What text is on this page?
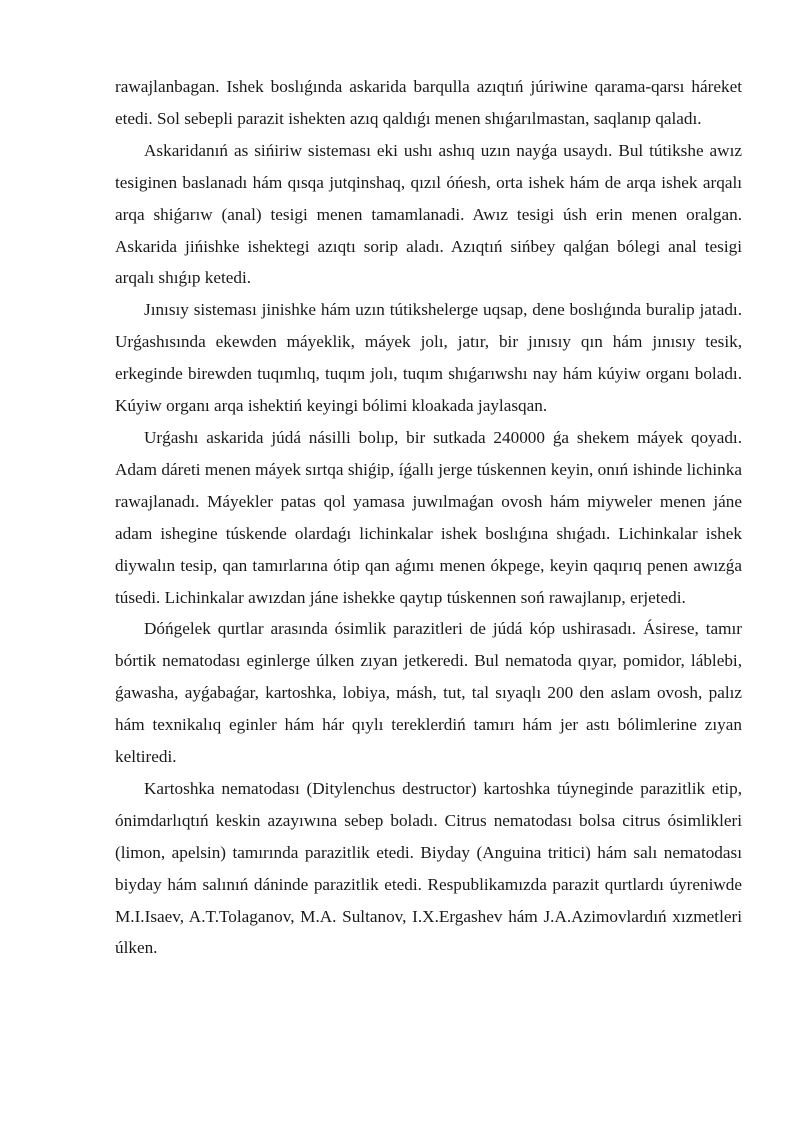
rawajlanbagan. Ishek boslıǵında askarida barqulla azıqtıń júriwine qarama-qarsı háreket etedi. Sol sebepli parazit ishekten azıq qaldıǵı menen shıǵarılmastan, saqlanıp qaladı.

Askaridanıń as sińiriw sisteması eki ushı ashıq uzın nayǵa usaydı. Bul tútikshe awız tesiginen baslanadı hám qısqa jutqinshaq, qızıl óńesh, orta ishek hám de arqa ishek arqalı arqa shiǵarıw (anal) tesigi menen tamamlanadi. Awız tesigi úsh erin menen oralgan. Askarida jińishke ishektegi azıqtı sorip aladı. Azıqtıń sińbey qalǵan bólegi anal tesigi arqalı shıǵıp ketedi.

Jınısıy sisteması jinishke hám uzın tútikshelerge uqsap, dene boslıǵında buralip jatadı. Urǵashısında ekewden máyeklik, máyek jolı, jatır, bir jınısıy qın hám jınısıy tesik, erkeginde birewden tuqımlıq, tuqım jolı, tuqım shıǵarıwshı nay hám kúyiw organı boladı. Kúyiw organı arqa ishektiń keyingi bólimi kloakada jaylasqan.

Urǵashı askarida júdá násilli bolıp, bir sutkada 240000 ǵa shekem máyek qoyadı. Adam dáreti menen máyek sırtqa shiǵip, íǵallı jerge túskennen keyin, onıń ishinde lichinka rawajlanadı. Máyekler patas qol yamasa juwılmaǵan ovosh hám miyweler menen jáne adam ishegine túskende olardaǵı lichinkalar ishek boslıǵına shıǵadı. Lichinkalar ishek diywalın tesip, qan tamırlarına ótip qan aǵımı menen ókpege, keyin qaqırıq penen awızǵa túsedi. Lichinkalar awızdan jáne ishekke qaytıp túskennen soń rawajlanıp, erjetedi.

Dóńgelek qurtlar arasında ósimlik parazitleri de júdá kóp ushirasadı. Ásirese, tamır bórtik nematodası eginlerge úlken zıyan jetkeredi. Bul nematoda qıyar, pomidor, láblebi, ǵawasha, ayǵabaǵar, kartoshka, lobiya, másh, tut, tal sıyaqlı 200 den aslam ovosh, palız hám texnikalıq eginler hám hár qıylı tereklerdiń tamırı hám jer astı bólimlerine zıyan keltiredi.

Kartoshka nematodası (Ditylenchus destructor) kartoshka túyneginde parazitlik etip, ónimdarlıqtıń keskin azayıwına sebep boladı. Citrus nematodası bolsa citrus ósimlikleri (limon, apelsin) tamırında parazitlik etedi. Biyday (Anguina tritici) hám salı nematodası biyday hám salınıń dáninde parazitlik etedi. Respublikamızda parazit qurtlardı úyreniwde M.I.Isaev, A.T.Tolaganov, M.A. Sultanov, I.X.Ergashev hám J.A.Azimovlardıń xızmetleri úlken.
